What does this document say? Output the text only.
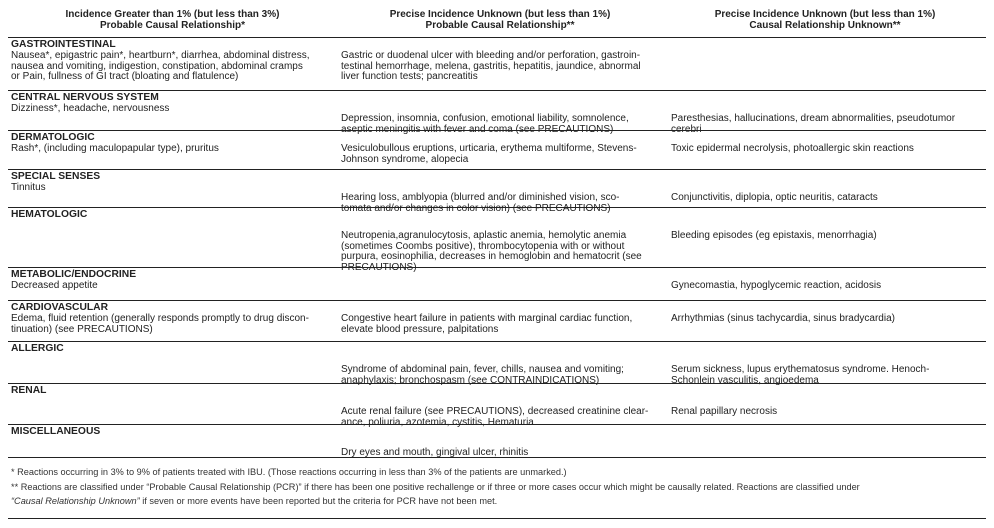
Incidence Greater than 1% (but less than 3%)
Probable Causal Relationship*
Precise Incidence Unknown (but less than 1%)
Probable Causal Relationship**
Precise Incidence Unknown (but less than 1%)
Causal Relationship Unknown**
GASTROINTESTINAL
Nausea*, epigastric pain*, heartburn*, diarrhea, abdominal distress,
nausea and vomiting, indigestion, constipation, abdominal cramps
or Pain, fullness of GI tract (bloating and flatulence)
Gastric or duodenal ulcer with bleeding and/or perforation, gastroin-
testinal hemorrhage, melena, gastritis, hepatitis, jaundice, abnormal
liver function tests; pancreatitis
CENTRAL NERVOUS SYSTEM
Dizziness*, headache, nervousness
Depression, insomnia, confusion, emotional liability, somnolence,
aseptic meningitis with fever and coma (see PRECAUTIONS)
Paresthesias, hallucinations, dream abnormalities, pseudotumor
cerebri
DERMATOLOGIC
Rash*, (including maculopapular type), pruritus	Vesiculobullous eruptions, urticaria, erythema multiforme, Stevens-
Johnson syndrome, alopecia
Toxic epidermal necrolysis, photoallergic skin reactions
SPECIAL SENSES
Tinnitus
Hearing loss, amblyopia (blurred and/or diminished vision, sco-
tomata and/or changes in color vision) (see PRECAUTIONS)
Conjunctivitis, diplopia, optic neuritis, cataracts
HEMATOLOGIC
Neutropenia,agranulocytosis, aplastic anemia, hemolytic anemia
(sometimes Coombs positive), thrombocytopenia with or without
purpura, eosinophilia, decreases in hemoglobin and hematocrit (see
PRECAUTIONS)
Bleeding episodes (eg epistaxis, menorrhagia)
METABOLIC/ENDOCRINE
Decreased appetite	Gynecomastia, hypoglycemic reaction, acidosis
CARDIOVASCULAR
Edema, fluid retention (generally responds promptly to drug discon-
tinuation) (see PRECAUTIONS)
Congestive heart failure in patients with marginal cardiac function,
elevate blood pressure, palpitations
Arrhythmias (sinus tachycardia, sinus bradycardia)
ALLERGIC
Syndrome of abdominal pain, fever, chills, nausea and vomiting;
anaphylaxis; bronchospasm (see CONTRAINDICATIONS)
Serum sickness, lupus erythematosus syndrome. Henoch-
Schonlein vasculitis, angioedema
RENAL
Acute renal failure (see PRECAUTIONS), decreased creatinine clear-
ance, poliuria, azotemia, cystitis, Hematuria
Renal papillary necrosis
MISCELLANEOUS
Dry eyes and mouth, gingival ulcer, rhinitis
* Reactions occurring in 3% to 9% of patients treated with IBU. (Those reactions occurring in less than 3% of the patients are unmarked.)
** Reactions are classified under “Probable Causal Relationship (PCR)” if there has been one positive rechallenge or if three or more cases occur which might be causally related. Reactions are classified under
“Causal Relationship Unknown” if seven or more events have been reported but the criteria for PCR have not been met.
